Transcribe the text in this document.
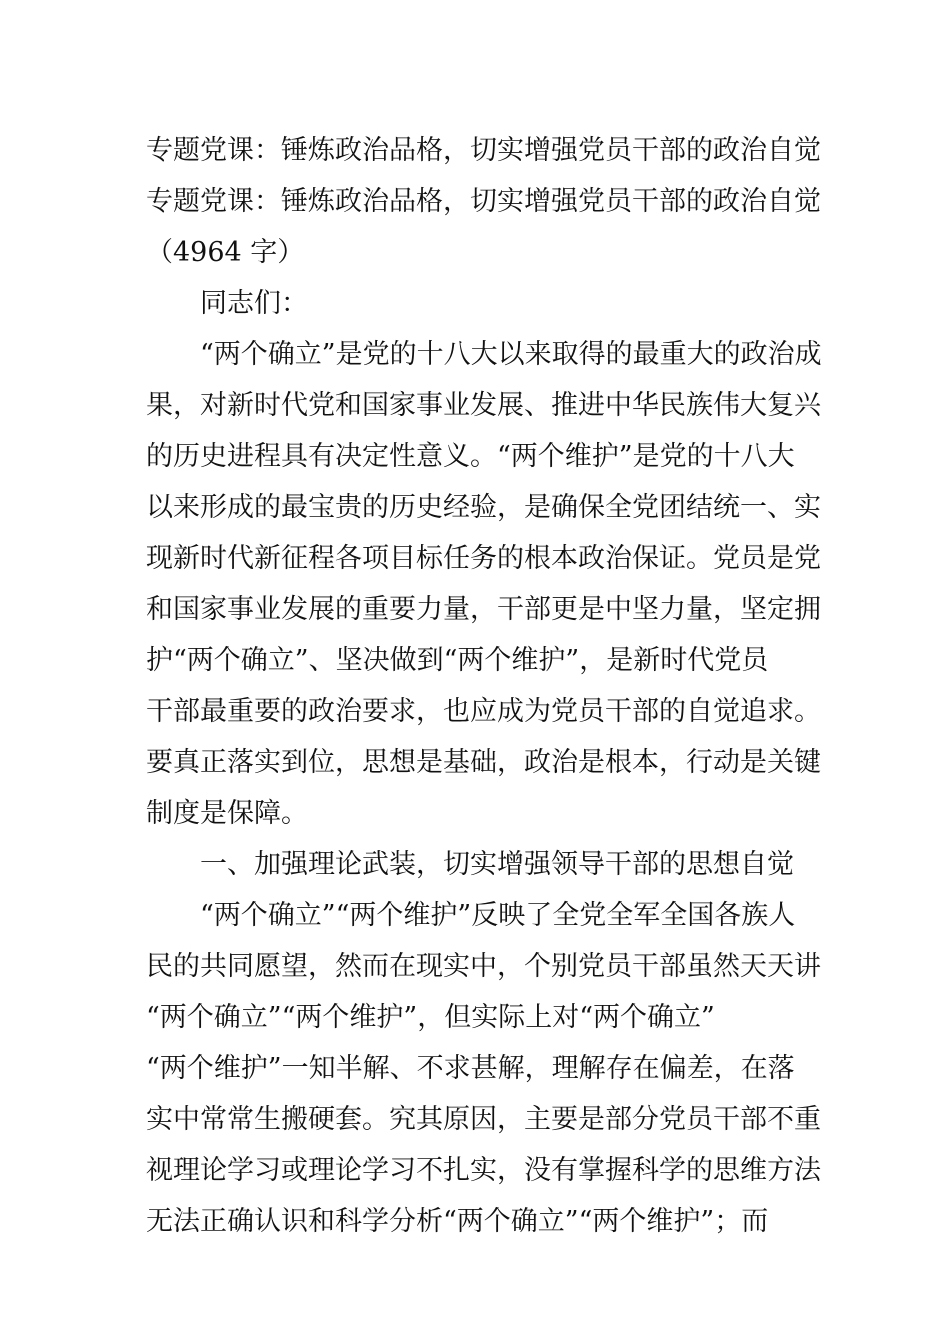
专题党课：锤炼政治品格，切实增强党员干部的政治自觉
专题党课：锤炼政治品格，切实增强党员干部的政治自觉
（4964 字）
　　同志们：
　　“两个确立”是党的十八大以来取得的最重大的政治成
果，对新时代党和国家事业发展、推进中华民族伟大复兴
的历史进程具有决定性意义。“两个维护”是党的十八大
以来形成的最宝贵的历史经验，是确保全党团结统一、实
现新时代新征程各项目标任务的根本政治保证。党员是党
和国家事业发展的重要力量，干部更是中坚力量，坚定拥
护“两个确立”、坚决做到“两个维护”，是新时代党员
干部最重要的政治要求，也应成为党员干部的自觉追求。
要真正落实到位，思想是基础，政治是根本，行动是关键
制度是保障。
　　一、加强理论武装，切实增强领导干部的思想自觉
　　“两个确立”“两个维护”反映了全党全军全国各族人
民的共同愿望，然而在现实中，个别党员干部虽然天天讲
“两个确立”“两个维护”，但实际上对“两个确立”
“两个维护”一知半解、不求甚解，理解存在偏差，在落
实中常常生搬硬套。究其原因，主要是部分党员干部不重
视理论学习或理论学习不扎实，没有掌握科学的思维方法
无法正确认识和科学分析“两个确立”“两个维护”；而
